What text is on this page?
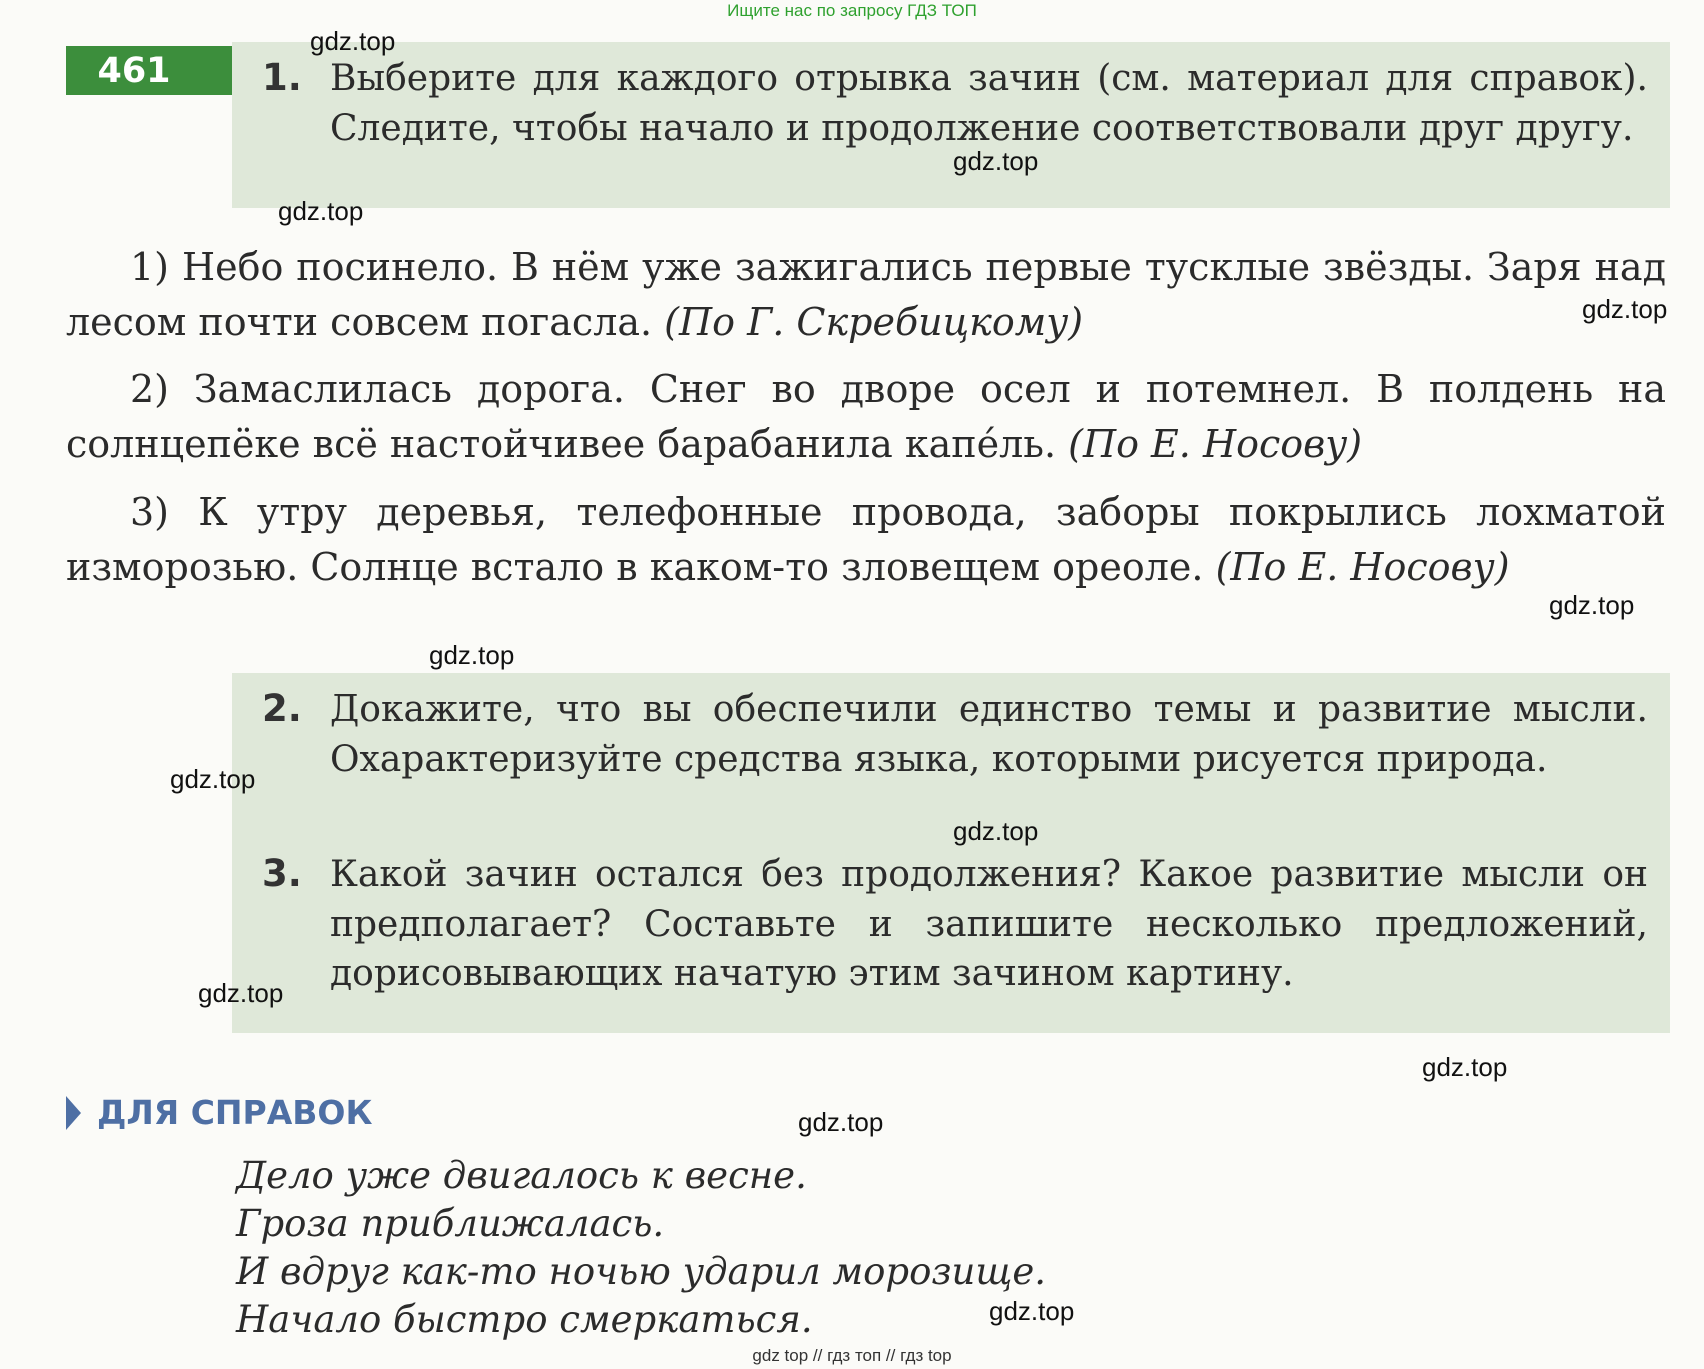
Ищите нас по запросу ГДЗ ТОП
461	1. Выберите для каждого отрывка зачин (см. материал для справок). Следите, чтобы начало и продолжение соответствовали друг другу.
1) Небо посинело. В нём уже зажигались первые тусклые звёзды. Заря над лесом почти совсем погасла. (По Г. Скребицкому)
2) Замаслилась дорога. Снег во дворе осел и потемнел. В полдень на солнцепёке всё настойчивее барабанила капе́ль. (По Е. Носову)
3) К утру деревья, телефонные провода, заборы покрылись лохматой изморозью. Солнце встало в каком-то зловещем ореоле. (По Е. Носову)
2. Докажите, что вы обеспечили единство темы и развитие мысли. Охарактеризуйте средства языка, которыми рисуется природа.
3. Какой зачин остался без продолжения? Какое развитие мысли он предполагает? Составьте и запишите несколько предложений, дорисовывающих начатую этим зачином картину.
ДЛЯ СПРАВОК
Дело уже двигалось к весне.
Гроза приближалась.
И вдруг как-то ночью ударил морозище.
Начало быстро смеркаться.
gdz.top
gdz.top
gdz.top
gdz.top
gdz.top
gdz.top
gdz.top
gdz.top
gdz.top
gdz.top
gdz.top
gdz.top
gdz top // гдз топ // гдз top
